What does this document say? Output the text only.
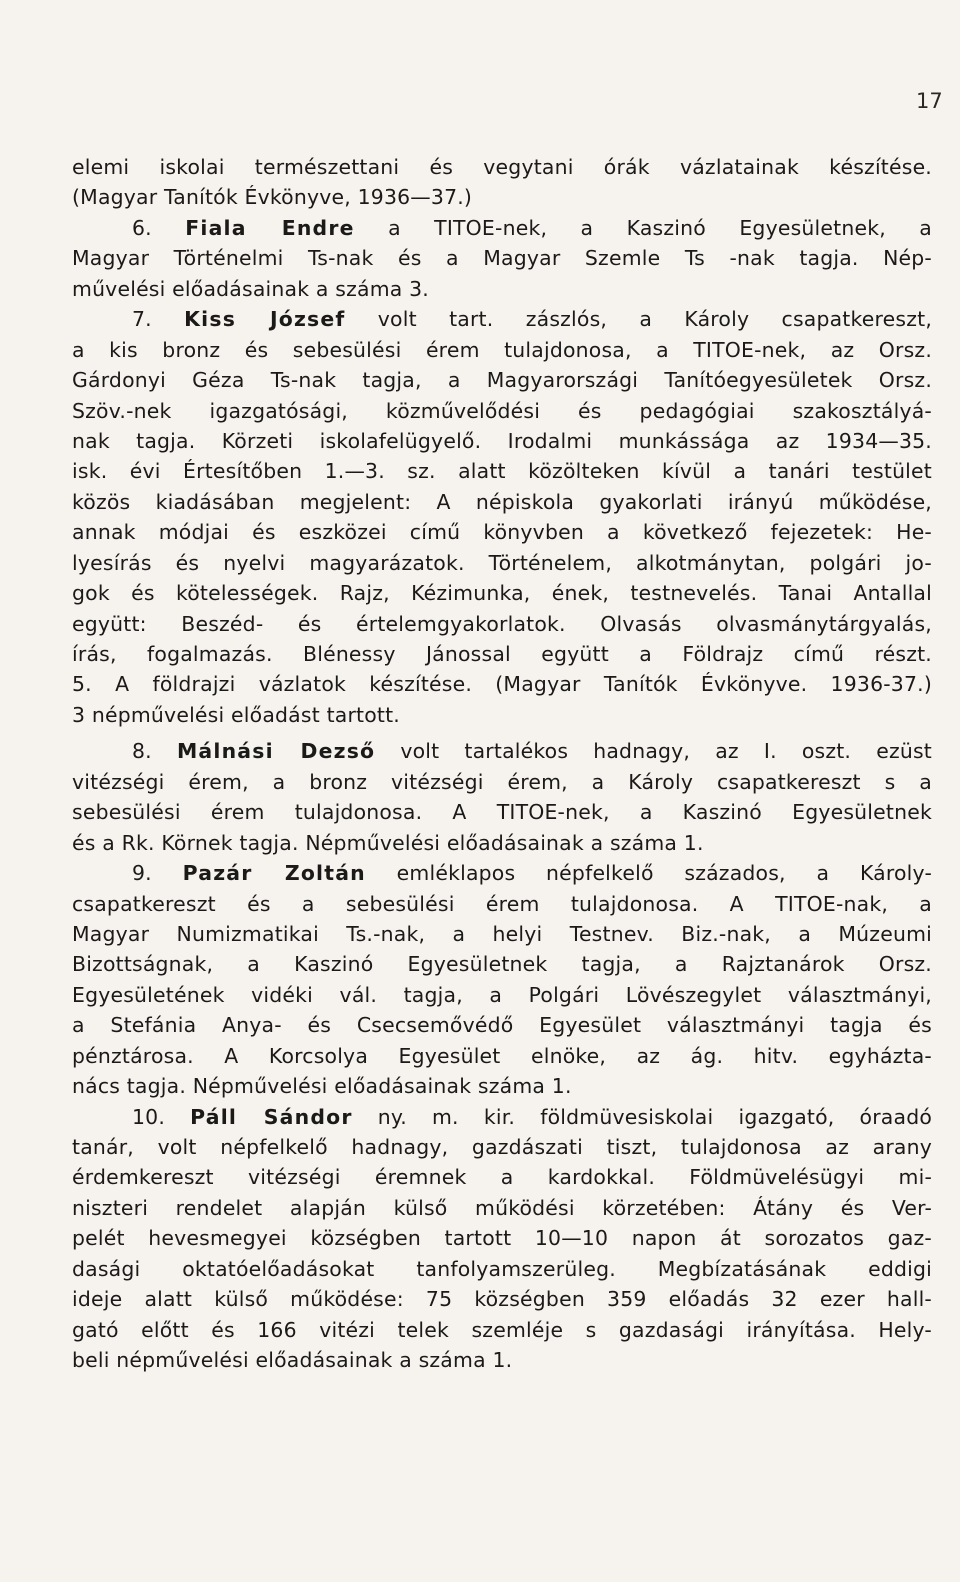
17
elemi iskolai természettani és vegytani órák vázlatainak készítése.
(Magyar Tanítók Évkönyve, 1936—37.)
6. Fiala Endre a TITOE-nek, a Kaszinó Egyesületnek, a
Magyar Történelmi Ts-nak és a Magyar Szemle Ts -nak tagja. Nép-
művelési előadásainak a száma 3.
7. Kiss József volt tart. zászlós, a Károly csapatkereszt,
a kis bronz és sebesülési érem tulajdonosa, a TITOE-nek, az Orsz.
Gárdonyi Géza Ts-nak tagja, a Magyarországi Tanítóegyesületek Orsz.
Szöv.-nek igazgatósági, közművelődési és pedagógiai szakosztályá-
nak tagja. Körzeti iskolafelügyelő. Irodalmi munkássága az 1934—35.
isk. évi Értesítőben 1.—3. sz. alatt közölteken kívül a tanári testület
közös kiadásában megjelent: A népiskola gyakorlati irányú működése,
annak módjai és eszközei című könyvben a következő fejezetek: He-
lyesírás és nyelvi magyarázatok. Történelem, alkotmánytan, polgári jo-
gok és kötelességek. Rajz, Kézimunka, ének, testnevelés. Tanai Antallal
együtt: Beszéd- és értelemgyakorlatok. Olvasás olvasmánytárgyalás,
írás, fogalmazás. Blénessy Jánossal együtt a Földrajz című részt.
5. A földrajzi vázlatok készítése. (Magyar Tanítók Évkönyve. 1936-37.)
3 népművelési előadást tartott.
8. Málnási Dezső volt tartalékos hadnagy, az I. oszt. ezüst
vitézségi érem, a bronz vitézségi érem, a Károly csapatkereszt s a
sebesülési érem tulajdonosa. A TITOE-nek, a Kaszinó Egyesületnek
és a Rk. Körnek tagja. Népművelési előadásainak a száma 1.
9. Pazár Zoltán emléklapos népfelkelő százados, a Károly-
csapatkereszt és a sebesülési érem tulajdonosa. A TITOE-nak, a
Magyar Numizmatikai Ts.-nak, a helyi Testnev. Biz.-nak, a Múzeumi
Bizottságnak, a Kaszinó Egyesületnek tagja, a Rajztanárok Orsz.
Egyesületének vidéki vál. tagja, a Polgári Lövészegylet választmányi,
a Stefánia Anya- és Csecsemővédő Egyesület választmányi tagja és
pénztárosa. A Korcsolya Egyesület elnöke, az ág. hitv. egyházta-
nács tagja. Népművelési előadásainak száma 1.
10. Páll Sándor ny. m. kir. földmüvesiskolai igazgató, óraadó
tanár, volt népfelkelő hadnagy, gazdászati tiszt, tulajdonosa az arany
érdemkereszt vitézségi éremnek a kardokkal. Földmüvelésügyi mi-
niszteri rendelet alapján külső működési körzetében: Átány és Ver-
pelét hevesmegyei községben tartott 10—10 napon át sorozatos gaz-
dasági oktatóelőadásokat tanfolyamszerüleg. Megbízatásának eddigi
ideje alatt külső működése: 75 községben 359 előadás 32 ezer hall-
gató előtt és 166 vitézi telek szemléje s gazdasági irányítása. Hely-
beli népművelési előadásainak a száma 1.
